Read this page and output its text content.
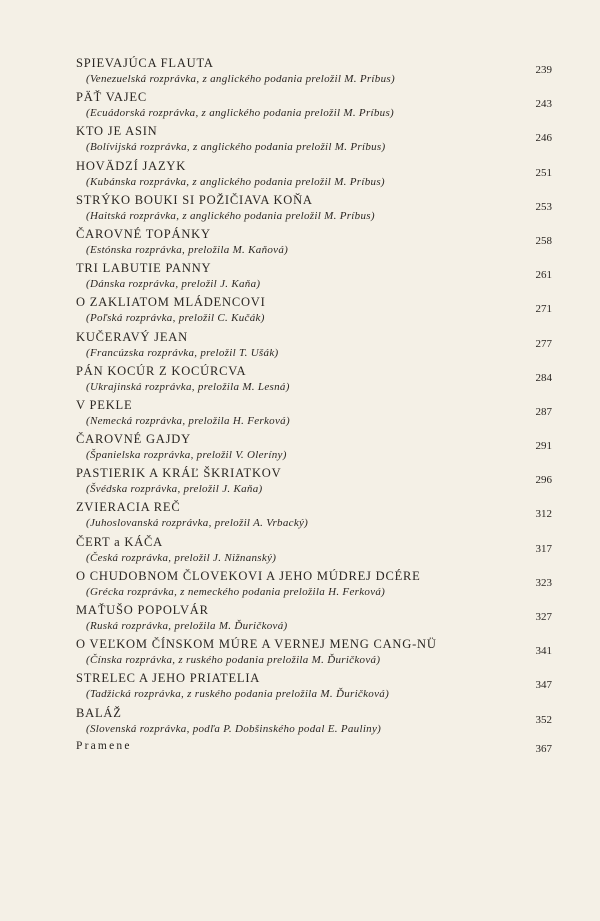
SPIEVAJÚCA FLAUTA
(Venezuelská rozprávka, z anglického podania preložil M. Príbus)
239
PÄŤ VAJEC
(Ecuádorská rozprávka, z anglického podania preložil M. Príbus)
243
KTO JE ASIN
(Bolívijská rozprávka, z anglického podania preložil M. Príbus)
246
HOVÄDZÍ JAZYK
(Kubánska rozprávka, z anglického podania preložil M. Príbus)
251
STRÝKO BOUKI SI POŽIČIAVA KOŇA
(Haitská rozprávka, z anglického podania preložil M. Príbus)
253
ČAROVNÉ TOPÁNKY
(Estónska rozprávka, preložila M. Kaňová)
258
TRI LABUTIE PANNY
(Dánska rozprávka, preložil J. Kaňa)
261
O ZAKLIATOM MLÁDENCOVI
(Poľská rozprávka, preložil C. Kučák)
271
KUČERAVÝ JEAN
(Francúzska rozprávka, preložil T. Ušák)
277
PÁN KOCÚR Z KOCÚRCVA
(Ukrajinská rozprávka, preložila M. Lesná)
284
V PEKLE
(Nemecká rozprávka, preložila H. Ferková)
287
ČAROVNÉ GAJDY
(Španielska rozprávka, preložil V. Oleríny)
291
PASTIERIK A KRÁĽ ŠKRIATKOV
(Švédska rozprávka, preložil J. Kaňa)
296
ZVIERACIA REČ
(Juhoslovanská rozprávka, preložil A. Vrbacký)
312
ČERT a KÁČA
(Česká rozprávka, preložil J. Nižnanský)
317
O CHUDOBNOM ČLOVEKOVI A JEHO MÚDREJ DCÉRE
(Grécka rozprávka, z nemeckého podania preložila H. Ferková)
323
MAŤUŠO POPOLVÁR
(Ruská rozprávka, preložila M. Ďuričková)
327
O VEĽKOM ČÍNSKOM MÚRE A VERNEJ MENG CANG-NÜ
(Čínska rozprávka, z ruského podania preložila M. Ďuričková)
341
STRELEC A JEHO PRIATELIA
(Tadžická rozprávka, z ruského podania preložila M. Ďuričková)
347
BALÁŽ
(Slovenská rozprávka, podľa P. Dobšinského podal E. Pauliny)
352
Pramene	367
